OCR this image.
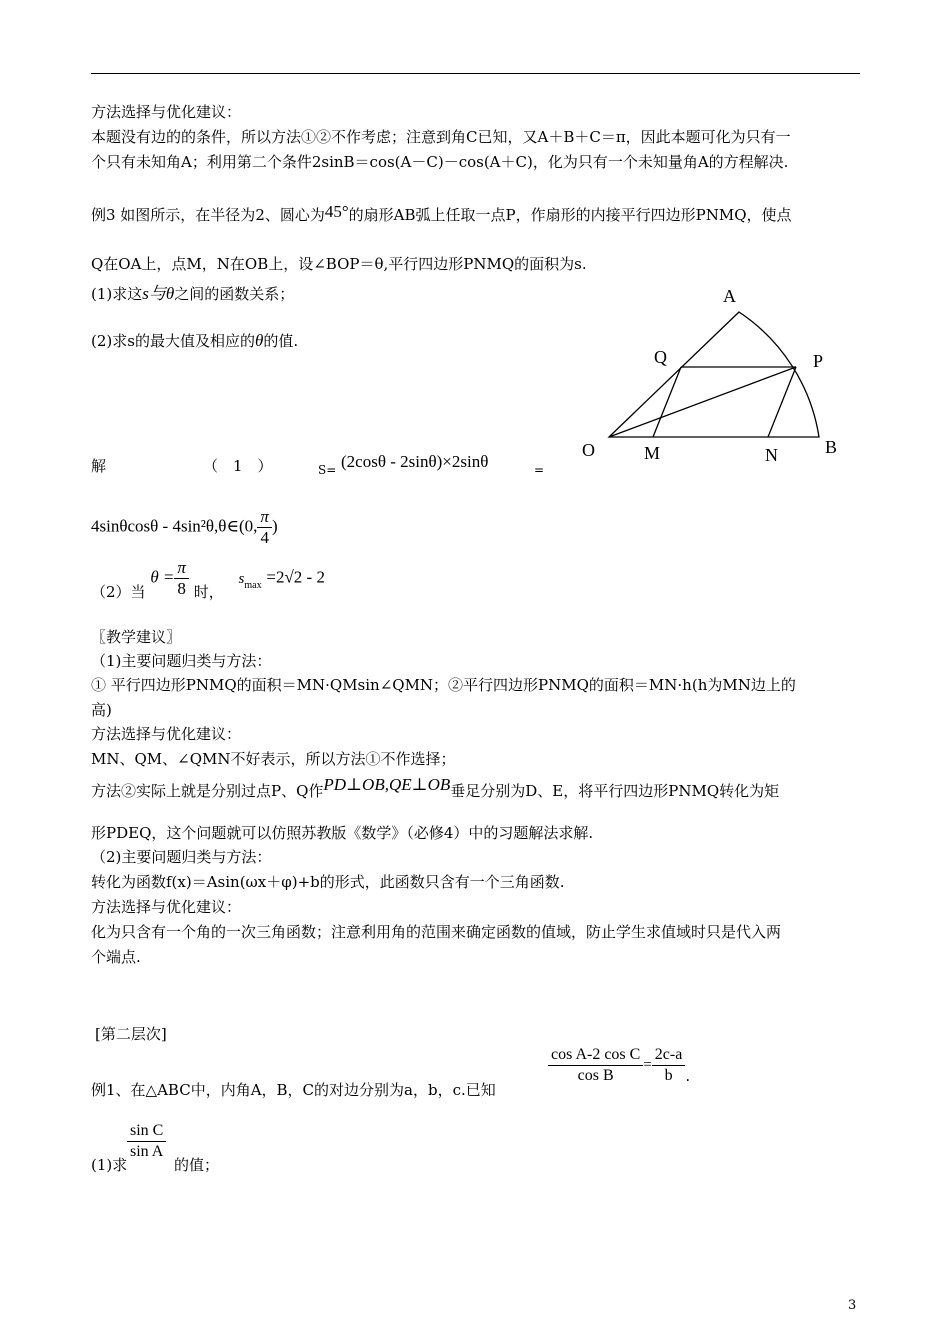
方法选择与优化建议：
本题没有边的的条件，所以方法①②不作考虑；注意到角C已知，又A＋B＋C＝π，因此本题可化为只有一
个只有未知角A；利用第二个条件2sinB＝cos(A－C)－cos(A＋C)，化为只有一个未知量角A的方程解决.
例3 如图所示，在半径为2、圆心为45°的扇形AB弧上任取一点P，作扇形的内接平行四边形PNMQ，使点
Q在OA上，点M，N在OB上，设∠BOP＝θ,平行四边形PNMQ的面积为s.
(1)求这s与θ之间的函数关系；
(2)求s的最大值及相应的θ的值.
A
Q	P
O	M	N	B
解	（　1　）	S= (2cosθ - 2sinθ)×2sinθ	=
4sinθcosθ - 4sin²θ,θ∈(0, $\frac{\pi}{4}$ )
（2）当 $\theta = \frac{\pi}{8}$ 时， $s_{max} =2√2 - 2$
〖教学建议〗
（1)主要问题归类与方法：
① 平行四边形PNMQ的面积＝MN·QMsin∠QMN；②平行四边形PNMQ的面积＝MN·h(h为MN边上的
高)
方法选择与优化建议：
MN、QM、∠QMN不好表示，所以方法①不作选择；
方法②实际上就是分别过点P、Q作PD⊥OB,QE⊥OB垂足分别为D、E，将平行四边形PNMQ转化为矩
形PDEQ，这个问题就可以仿照苏教版《数学》（必修4）中的习题解法求解.
（2)主要问题归类与方法：
转化为函数f(x)＝Asin(ωx＋φ)+b的形式，此函数只含有一个三角函数.
方法选择与优化建议：
化为只含有一个角的一次三角函数；注意利用角的范围来确定函数的值域，防止学生求值域时只是代入两
个端点.
[第二层次]
例1、在△ABC中，内角A，B，C的对边分别为a，b，c.已知
$\frac{\text{cos A-2 cos C}}{\text{cos B}} = \frac{2c-a}{b}$ .
(1)求
$\frac{\text{sin C}}{\text{sin A}}$
的值；
3
